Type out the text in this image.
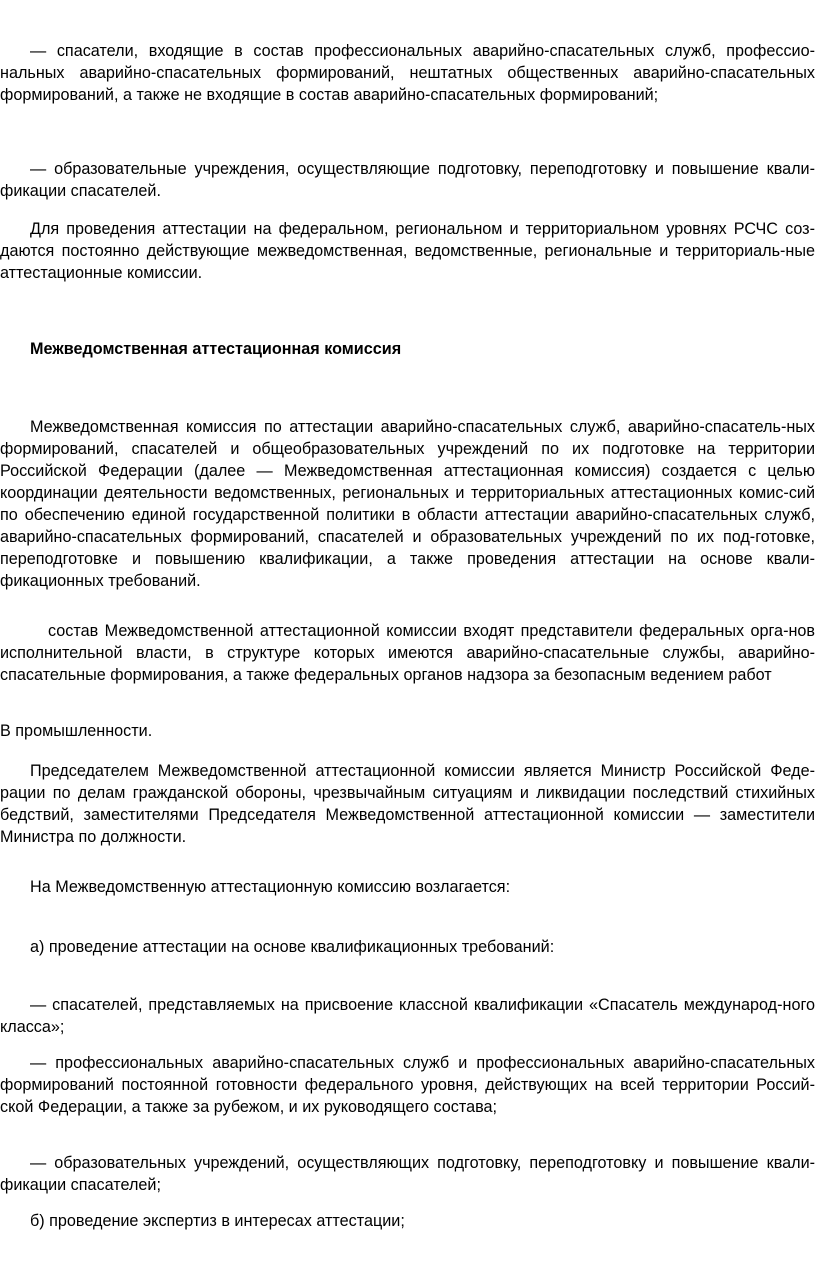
— спасатели, входящие в состав профессиональных аварийно-спасательных служб, профессио-нальных аварийно-спасательных формирований, нештатных общественных аварийно-спасательных формирований, а также не входящие в состав аварийно-спасательных формирований;

— образовательные учреждения, осуществляющие подготовку, переподготовку и повышение квали-фикации спасателей.

Для проведения аттестации на федеральном, региональном и территориальном уровнях РСЧС соз-даются постоянно действующие межведомственная, ведомственные, региональные и территориаль-ные аттестационные комиссии.

Межведомственная аттестационная комиссия

Межведомственная комиссия по аттестации аварийно-спасательных служб, аварийно-спасатель-ных формирований, спасателей и общеобразовательных учреждений по их подготовке на территории Российской Федерации (далее — Межведомственная аттестационная комиссия) создается с целью координации деятельности ведомственных, региональных и территориальных аттестационных комис-сий по обеспечению единой государственной политики в области аттестации аварийно-спасательных служб, аварийно-спасательных формирований, спасателей и образовательных учреждений по их под-готовке, переподготовке и повышению квалификации, а также проведения аттестации на основе квали-фикационных требований.

состав Межведомственной аттестационной комиссии входят представители федеральных орга-нов исполнительной власти, в структуре которых имеются аварийно-спасательные службы, аварийно-спасательные формирования, а также федеральных органов надзора за безопасным ведением работ

В промышленности.

Председателем Межведомственной аттестационной комиссии является Министр Российской Феде-рации по делам гражданской обороны, чрезвычайным ситуациям и ликвидации последствий стихийных бедствий, заместителями Председателя Межведомственной аттестационной комиссии — заместители Министра по должности.

На Межведомственную аттестационную комиссию возлагается:

а) проведение аттестации на основе квалификационных требований:

— спасателей, представляемых на присвоение классной квалификации «Спасатель международ-ного класса»;

— профессиональных аварийно-спасательных служб и профессиональных аварийно-спасательных формирований постоянной готовности федерального уровня, действующих на всей территории Россий-ской Федерации, а также за рубежом, и их руководящего состава;

— образовательных учреждений, осуществляющих подготовку, переподготовку и повышение квали-фикации спасателей;

б) проведение экспертиз в интересах аттестации;
